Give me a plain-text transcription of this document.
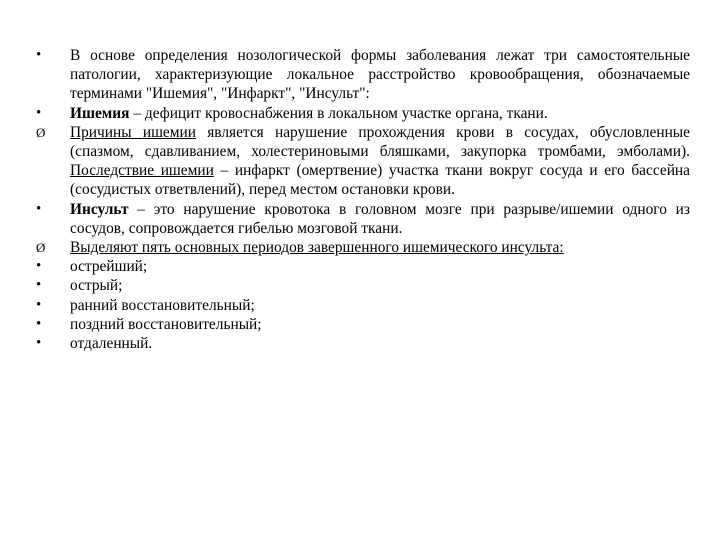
•	В основе определения нозологической формы заболевания лежат три самостоятельные патологии, характеризующие локальное расстройство кровообращения, обозначаемые терминами "Ишемия", "Инфаркт", "Инсульт":
•	Ишемия – дефицит кровоснабжения в локальном участке органа, ткани.
Ø	Причины ишемии является нарушение прохождения крови в сосудах, обусловленные (спазмом, сдавливанием, холестериновыми бляшками, закупорка тромбами, эмболами). Последствие ишемии – инфаркт (омертвение) участка ткани вокруг сосуда и его бассейна (сосудистых ответвлений), перед местом остановки крови.
•	Инсульт – это нарушение кровотока в головном мозге при разрыве/ишемии одного из сосудов, сопровождается гибелью мозговой ткани.
Ø	Выделяют пять основных периодов завершенного ишемического инсульта:
•	острейший;
•	острый;
•	ранний восстановительный;
•	поздний восстановительный;
•	отдаленный.
